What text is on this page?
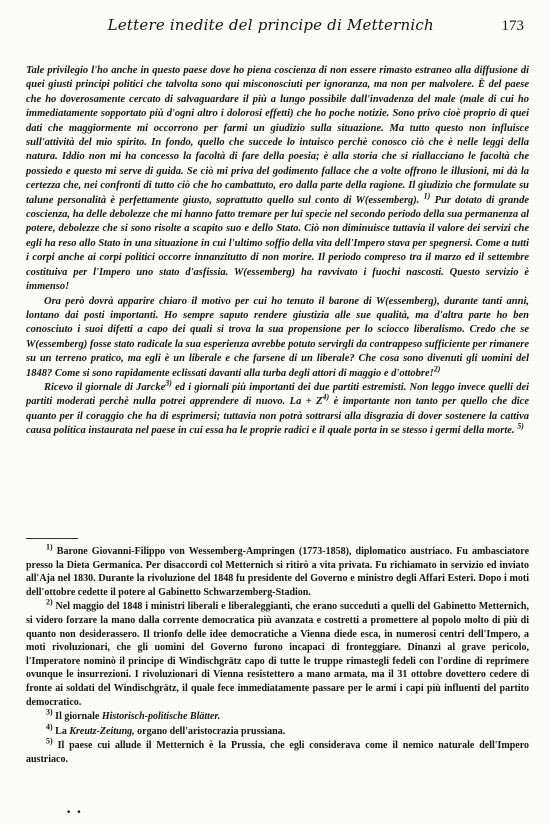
Lettere inedite del principe di Metternich	173

Tale privilegio l'ho anche in questo paese dove ho piena coscienza di non essere rimasto estraneo alla diffusione di quei giusti principi politici che talvolta sono qui misconosciuti per ignoranza, ma non per malvolere. È del paese che ho doverosamente cercato di salvaguardare il più a lungo possibile dall'invadenza del male (male di cui ho immediatamente sopportato più d'ogni altro i dolorosi effetti) che ho poche notizie. Sono privo cioè proprio di quei dati che maggiormente mi occorrono per farmi un giudizio sulla situazione. Ma tutto questo non influisce sull'attività del mio spirito. In fondo, quello che succede lo intuisco perchè conosco ciò che è nelle leggi della natura. Iddio non mi ha concesso la facoltà di fare della poesia; è alla storia che si riallacciano le facoltà che possiedo e questo mi serve di guida. Se ciò mi priva del godimento fallace che a volte offrono le illusioni, mi dà la certezza che, nei confronti di tutto ciò che ho cambattuto, ero dalla parte della ragione. Il giudizio che formulate su talune personalità è perfettamente giusto, soprattutto quello sul conto di W(essemberg). $^{1)}$ Pur dotato di grande coscienza, ha delle debolezze che mi hanno fatto tremare per lui specie nel secondo periodo della sua permanenza al potere, debolezze che si sono risolte a scapito suo e dello Stato. Ciò non diminuisce tuttavia il valore dei servizi che egli ha reso allo Stato in una situazione in cui l'ultimo soffio della vita dell'Impero stava per spegnersi. Come a tutti i corpi anche ai corpi politici occorre innanzitutto di non morire. Il periodo compreso tra il marzo ed il settembre costituiva per l'Impero uno stato d'asfissia. W(essemberg) ha ravvivato i fuochi nascosti. Questo servizio è immenso!

Ora però dovrà apparire chiaro il motivo per cui ho tenuto il barone di W(essemberg), durante tanti anni, lontano dai posti importanti. Ho sempre saputo rendere giustizia alle sue qualità, ma d'altra parte ho ben conosciuto i suoi difetti a capo dei quali si trova la sua propensione per lo sciocco liberalismo. Credo che se W(essemberg) fosse stato radicale la sua esperienza avrebbe potuto servirgli da contrappeso sufficiente per rimanere su un terreno pratico, ma egli è un liberale e che farsene di un liberale? Che cosa sono divenuti gli uomini del 1848? Come si sono rapidamente eclissati davanti alla turba degli attori di maggio e d'ottobre!$^{2)}$

Ricevo il giornale di Jarcke$^{3)}$ ed i giornali più importanti dei due partiti estremisti. Non leggo invece quelli dei partiti moderati perchè nulla potrei apprendere di nuovo. La + Z$^{4)}$ è importante non tanto per quello che dice quanto per il coraggio che ha di esprimersi; tuttavia non potrà sottrarsi alla disgrazia di dover sostenere la cattiva causa politica instaurata nel paese in cui essa ha le proprie radici e il quale porta in se stesso i germi della morte. $^{5)}$

$^{1)}$ Barone Giovanni-Filippo von Wessemberg-Ampringen (1773-1858), diplomatico austriaco. Fu ambasciatore presso la Dieta Germanica. Per disaccordi col Metternich si ritirò a vita privata. Fu richiamato in servizio ed inviato all'Aja nel 1830. Durante la rivoluzione del 1848 fu presidente del Governo e ministro degli Affari Esteri. Dopo i moti dell'ottobre cedette il potere al Gabinetto Schwarzemberg-Stadion.

$^{2)}$ Nel maggio del 1848 i ministri liberali e liberaleggianti, che erano succeduti a quelli del Gabinetto Metternich, si videro forzare la mano dalla corrente democratica più avanzata e costretti a promettere al popolo molto di più di quanto non desiderassero. Il trionfo delle idee democratiche a Vienna diede esca, in numerosi centri dell'Impero, a moti rivoluzionari, che gli uomini del Governo furono incapaci di fronteggiare. Dinanzi al grave pericolo, l'Imperatore nominò il principe di Windischgrätz capo di tutte le truppe rimastegli fedeli con l'ordine di reprimere ovunque le insurrezioni. I rivoluzionari di Vienna resistettero a mano armata, ma il 31 ottobre dovettero cedere di fronte ai soldati del Windischgrätz, il quale fece immediatamente passare per le armi i capi più influenti del partito democratico.

$^{3)}$ Il giornale Historisch-politische Blätter.

$^{4)}$ La Kreutz-Zeitung, organo dell'aristocrazia prussiana.

$^{5)}$ Il paese cui allude il Metternich è la Prussia, che egli considerava come il nemico naturale dell'Impero austriaco.

••
